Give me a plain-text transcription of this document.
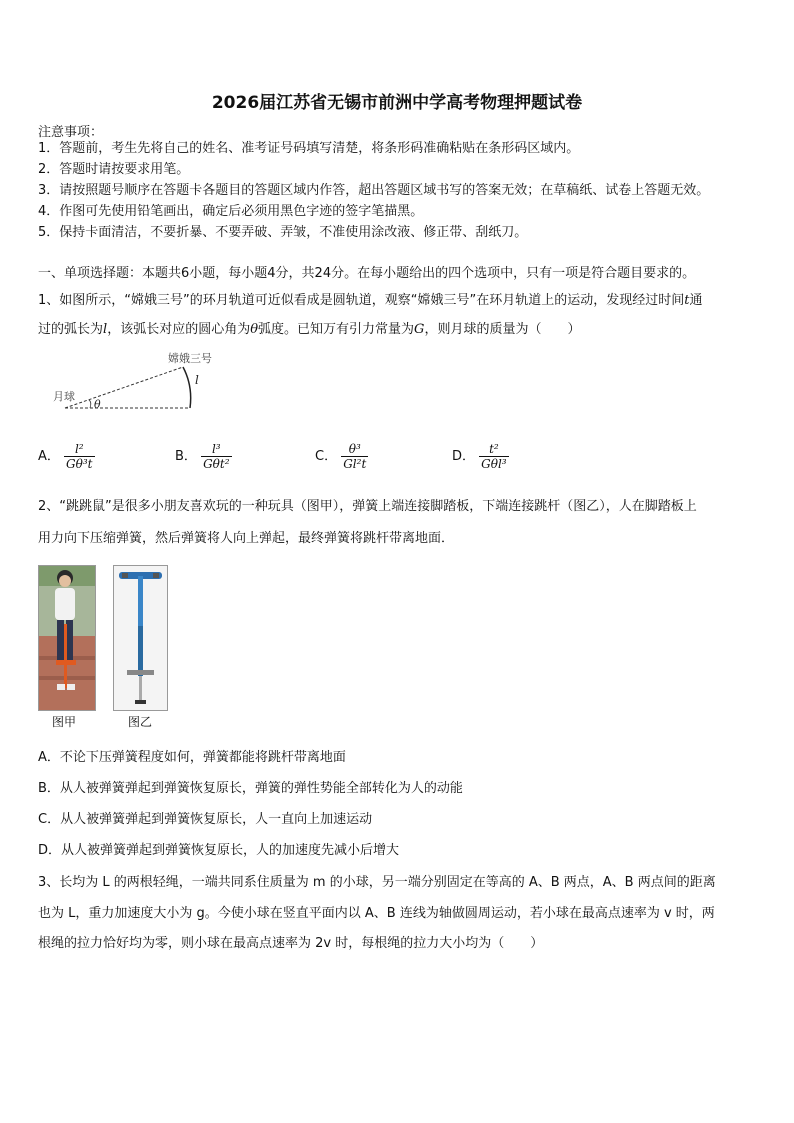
2026届江苏省无锡市前洲中学高考物理押题试卷
注意事项：
1．答题前，考生先将自己的姓名、准考证号码填写清楚，将条形码准确粘贴在条形码区域内。
2．答题时请按要求用笔。
3．请按照题号顺序在答题卡各题目的答题区域内作答，超出答题区域书写的答案无效；在草稿纸、试卷上答题无效。
4．作图可先使用铅笔画出，确定后必须用黑色字迹的签字笔描黑。
5．保持卡面清洁，不要折暴、不要弄破、弄皱，不准使用涂改液、修正带、刮纸刀。
一、单项选择题：本题共6小题，每小题4分，共24分。在每小题给出的四个选项中，只有一项是符合题目要求的。
1、如图所示，“嫦娥三号”的环月轨道可近似看成是圆轨道，观察“嫦娥三号”在环月轨道上的运动，发现经过时间t通
过的弧长为l，该弧长对应的圆心角为θ弧度。已知万有引力常量为G，则月球的质量为（　　）
月球
嫦娥三号
l
θ
A． $\frac{\text{l²}}{\text{Gθ³t}}$	B． $\frac{\text{l³}}{\text{Gθt²}}$	C． $\frac{\text{θ³}}{\text{Gl²t}}$	D． $\frac{\text{t²}}{\text{Gθl³}}$
2、“跳跳鼠”是很多小朋友喜欢玩的一种玩具（图甲），弹簧上端连接脚踏板，下端连接跳杆（图乙），人在脚踏板上
用力向下压缩弹簧，然后弹簧将人向上弹起，最终弹簧将跳杆带离地面．
图甲	图乙
A．不论下压弹簧程度如何，弹簧都能将跳杆带离地面
B．从人被弹簧弹起到弹簧恢复原长，弹簧的弹性势能全部转化为人的动能
C．从人被弹簧弹起到弹簧恢复原长，人一直向上加速运动
D．从人被弹簧弹起到弹簧恢复原长，人的加速度先减小后增大
3、长均为 L 的两根轻绳，一端共同系住质量为 m 的小球，另一端分别固定在等高的 A、B 两点，A、B 两点间的距离
也为 L，重力加速度大小为 g。今使小球在竖直平面内以 A、B 连线为轴做圆周运动，若小球在最高点速率为 v 时，两
根绳的拉力恰好均为零，则小球在最高点速率为 2v 时，每根绳的拉力大小均为（　　）
